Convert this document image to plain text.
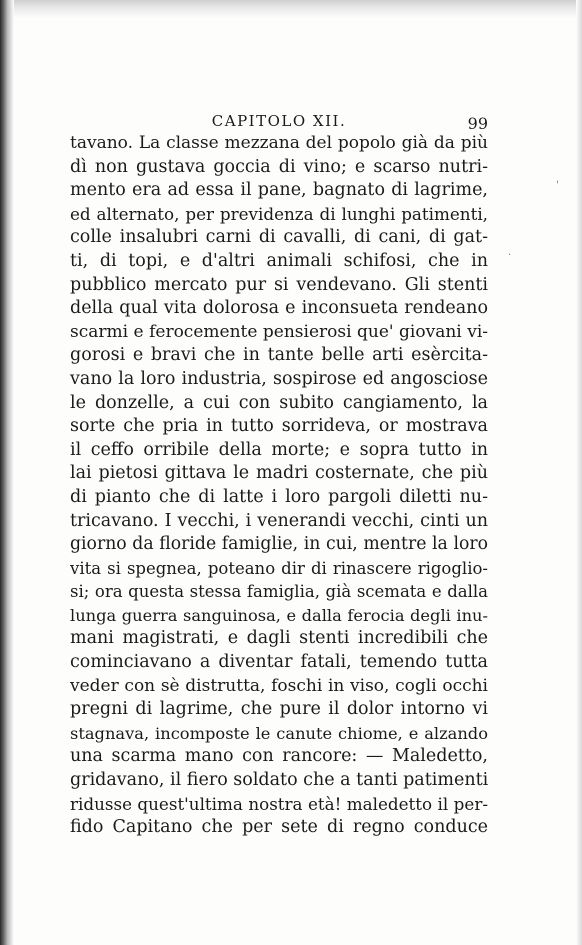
CAPITOLO XII.	99
tavano. La classe mezzana del popolo già da più
dì non gustava goccia di vino; e scarso nutri-
mento era ad essa il pane, bagnato di lagrime,
ed alternato, per previdenza di lunghi patimenti,
colle insalubri carni di cavalli, di cani, di gat-
ti, di topi, e d'altri animali schifosi, che in
pubblico mercato pur si vendevano. Gli stenti
della qual vita dolorosa e inconsueta rendeano
scarmi e ferocemente pensierosi que' giovani vi-
gorosi e bravi che in tante belle arti esèrcita-
vano la loro industria, sospirose ed angosciose
le donzelle, a cui con subito cangiamento, la
sorte che pria in tutto sorrideva, or mostrava
il ceffo orribile della morte; e sopra tutto in
lai pietosi gittava le madri costernate, che più
di pianto che di latte i loro pargoli diletti nu-
tricavano. I vecchi, i venerandi vecchi, cinti un
giorno da floride famiglie, in cui, mentre la loro
vita si spegnea, poteano dir di rinascere rigoglio-
si; ora questa stessa famiglia, già scemata e dalla
lunga guerra sanguinosa, e dalla ferocia degli inu-
mani magistrati, e dagli stenti incredibili che
cominciavano a diventar fatali, temendo tutta
veder con sè distrutta, foschi in viso, cogli occhi
pregni di lagrime, che pure il dolor intorno vi
stagnava, incomposte le canute chiome, e alzando
una scarma mano con rancore: — Maledetto,
gridavano, il fiero soldato che a tanti patimenti
ridusse quest'ultima nostra età! maledetto il per-
fido Capitano che per sete di regno conduce
'
·
